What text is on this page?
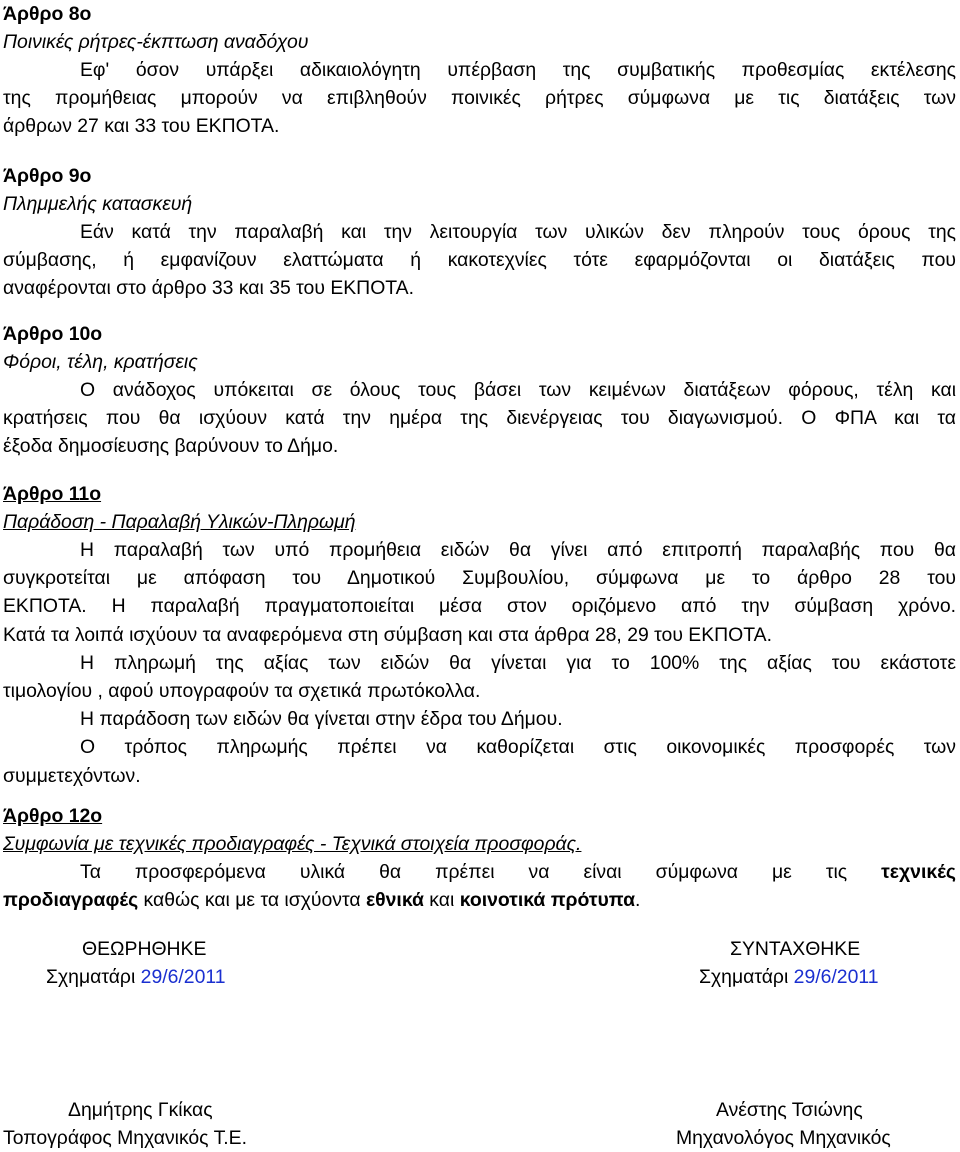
Άρθρο 8ο
Ποινικές ρήτρες-έκπτωση αναδόχου
Εφ' όσον υπάρξει αδικαιολόγητη υπέρβαση της συμβατικής προθεσμίας εκτέλεσης
της προμήθειας μπορούν να επιβληθούν ποινικές ρήτρες σύμφωνα με τις διατάξεις των
άρθρων 27 και 33 του ΕΚΠΟΤΑ.
Άρθρο 9ο
Πλημμελής κατασκευή
Εάν κατά την παραλαβή και την λειτουργία των υλικών δεν πληρούν τους όρους της
σύμβασης, ή εμφανίζουν ελαττώματα ή κακοτεχνίες τότε εφαρμόζονται οι διατάξεις που
αναφέρονται στο άρθρο 33 και 35 του ΕΚΠΟΤΑ.
Άρθρο 10ο
Φόροι, τέλη, κρατήσεις
Ο ανάδοχος υπόκειται σε όλους τους βάσει των κειμένων διατάξεων φόρους, τέλη και
κρατήσεις που θα ισχύουν κατά την ημέρα της διενέργειας του διαγωνισμού. Ο ΦΠΑ και τα
έξοδα δημοσίευσης βαρύνουν το Δήμο.
Άρθρο 11ο
Παράδοση - Παραλαβή Υλικών-Πληρωμή
Η παραλαβή των υπό προμήθεια ειδών θα γίνει από επιτροπή παραλαβής που θα
συγκροτείται με απόφαση του Δημοτικού Συμβουλίου, σύμφωνα με το άρθρο 28 του
ΕΚΠΟΤΑ. Η παραλαβή πραγματοποιείται μέσα στον οριζόμενο από την σύμβαση χρόνο.
Κατά τα λοιπά ισχύουν τα αναφερόμενα στη σύμβαση και στα άρθρα 28, 29 του ΕΚΠΟΤΑ.
Η πληρωμή της αξίας των ειδών θα γίνεται για το 100% της αξίας του εκάστοτε
τιμολογίου , αφού υπογραφούν τα σχετικά πρωτόκολλα.
Η παράδοση των ειδών θα γίνεται στην έδρα του Δήμου.
Ο τρόπος πληρωμής πρέπει να καθορίζεται στις οικονομικές προσφορές των
συμμετεχόντων.
Άρθρο 12ο
Συμφωνία με τεχνικές προδιαγραφές - Τεχνικά στοιχεία προσφοράς.
Τα προσφερόμενα υλικά θα πρέπει να είναι σύμφωνα με τις τεχνικές
προδιαγραφές καθώς και με τα ισχύοντα εθνικά και κοινοτικά πρότυπα.
ΘΕΩΡΗΘΗΚΕ
Σχηματάρι 29/6/2011
ΣΥΝΤΑΧΘΗΚΕ
Σχηματάρι 29/6/2011
Δημήτρης Γκίκας
Τοπογράφος Μηχανικός Τ.Ε.
Ανέστης Τσιώνης
Μηχανολόγος Μηχανικός
